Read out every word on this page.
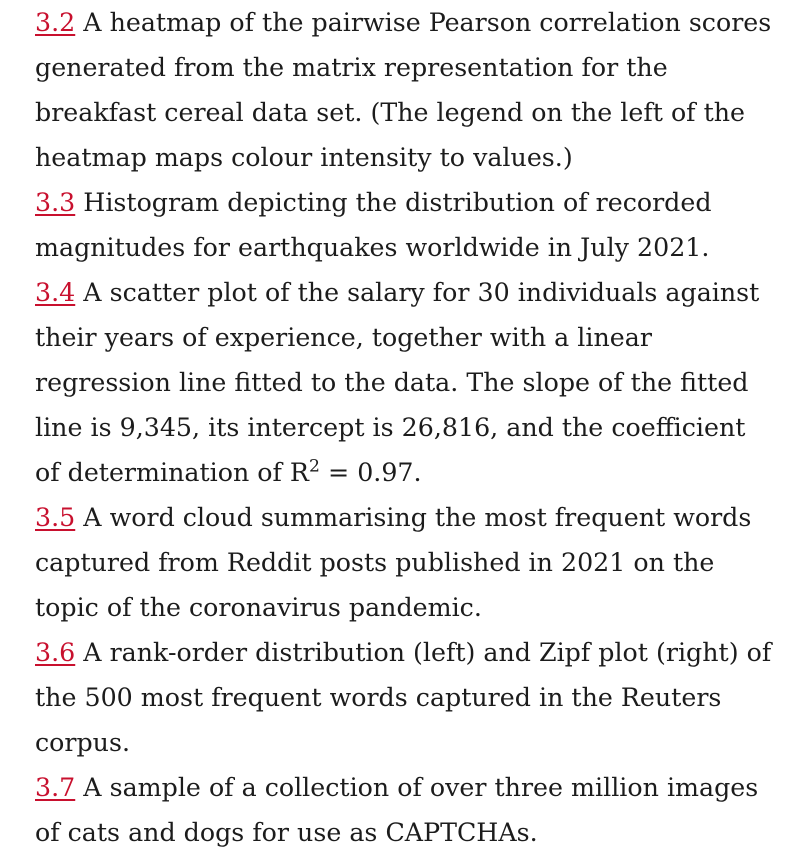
3.2 A heatmap of the pairwise Pearson correlation scores generated from the matrix representation for the breakfast cereal data set. (The legend on the left of the heatmap maps colour intensity to values.)

3.3 Histogram depicting the distribution of recorded magnitudes for earthquakes worldwide in July 2021.

3.4 A scatter plot of the salary for 30 individuals against their years of experience, together with a linear regression line fitted to the data. The slope of the fitted line is 9,345, its intercept is 26,816, and the coefficient of determination of $R^2 = 0.97$.

3.5 A word cloud summarising the most frequent words captured from Reddit posts published in 2021 on the topic of the coronavirus pandemic.

3.6 A rank-order distribution (left) and Zipf plot (right) of the 500 most frequent words captured in the Reuters corpus.

3.7 A sample of a collection of over three million images of cats and dogs for use as CAPTCHAs.
